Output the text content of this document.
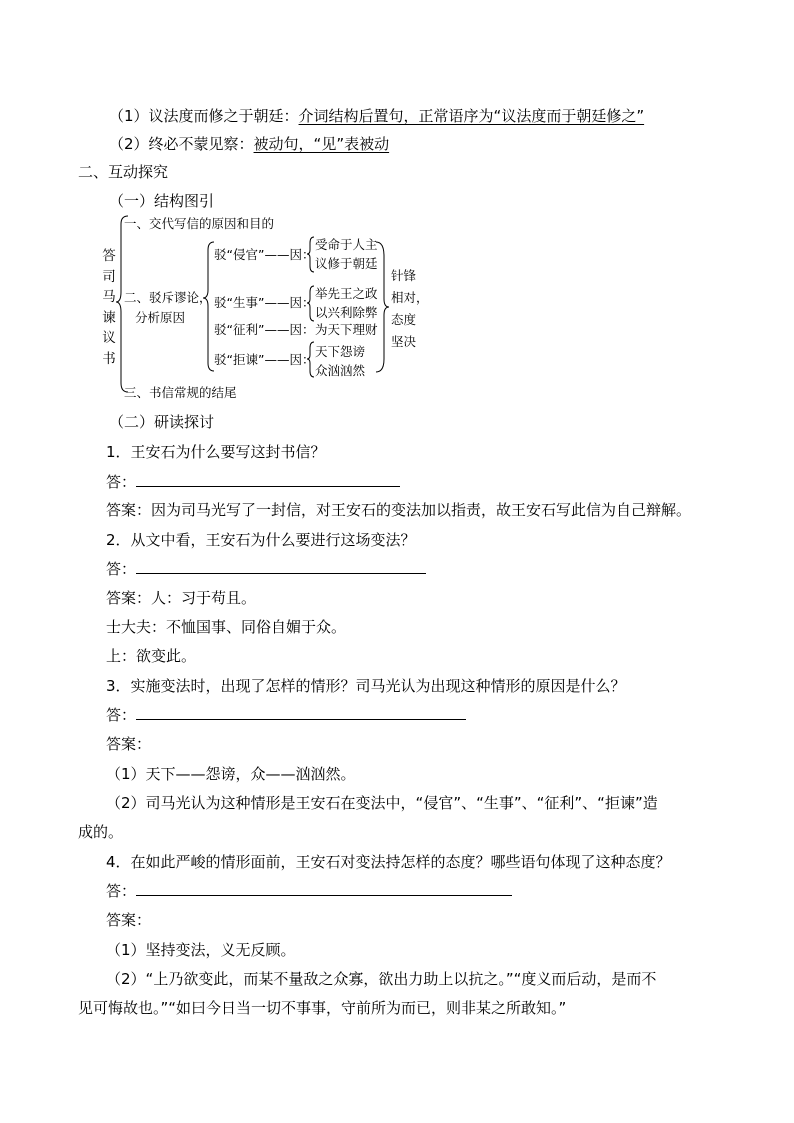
（1）议法度而修之于朝廷：介词结构后置句，正常语序为“议法度而于朝廷修之”
（2）终必不蒙见察：被动句，“见”表被动
二、互动探究
（一）结构图引
答司马谏议书
一、交代写信的原因和目的
二、驳斥谬论，
分析原因
三、书信常规的结尾
驳“侵官”——因：
驳“生事”——因：
驳“征利”——因：
驳“拒谏”——因：
受命于人主
议修于朝廷
举先王之政
以兴利除弊
为天下理财
天下怨谤
众汹汹然
针锋
相对，
态度
坚决
（二）研读探讨
1．王安石为什么要写这封书信？
答：
答案：因为司马光写了一封信，对王安石的变法加以指责，故王安石写此信为自己辩解。
2．从文中看，王安石为什么要进行这场变法？
答：
答案：人：习于苟且。
士大夫：不恤国事、同俗自媚于众。
上：欲变此。
3．实施变法时，出现了怎样的情形？司马光认为出现这种情形的原因是什么？
答：
答案：
（1）天下——怨谤，众——汹汹然。
（2）司马光认为这种情形是王安石在变法中，“侵官”、“生事”、“征利”、“拒谏”造
成的。
4．在如此严峻的情形面前，王安石对变法持怎样的态度？哪些语句体现了这种态度？
答：
答案：
（1）坚持变法，义无反顾。
（2）“上乃欲变此，而某不量敌之众寡，欲出力助上以抗之。”“度义而后动，是而不
见可悔故也。”“如曰今日当一切不事事，守前所为而已，则非某之所敢知。”
